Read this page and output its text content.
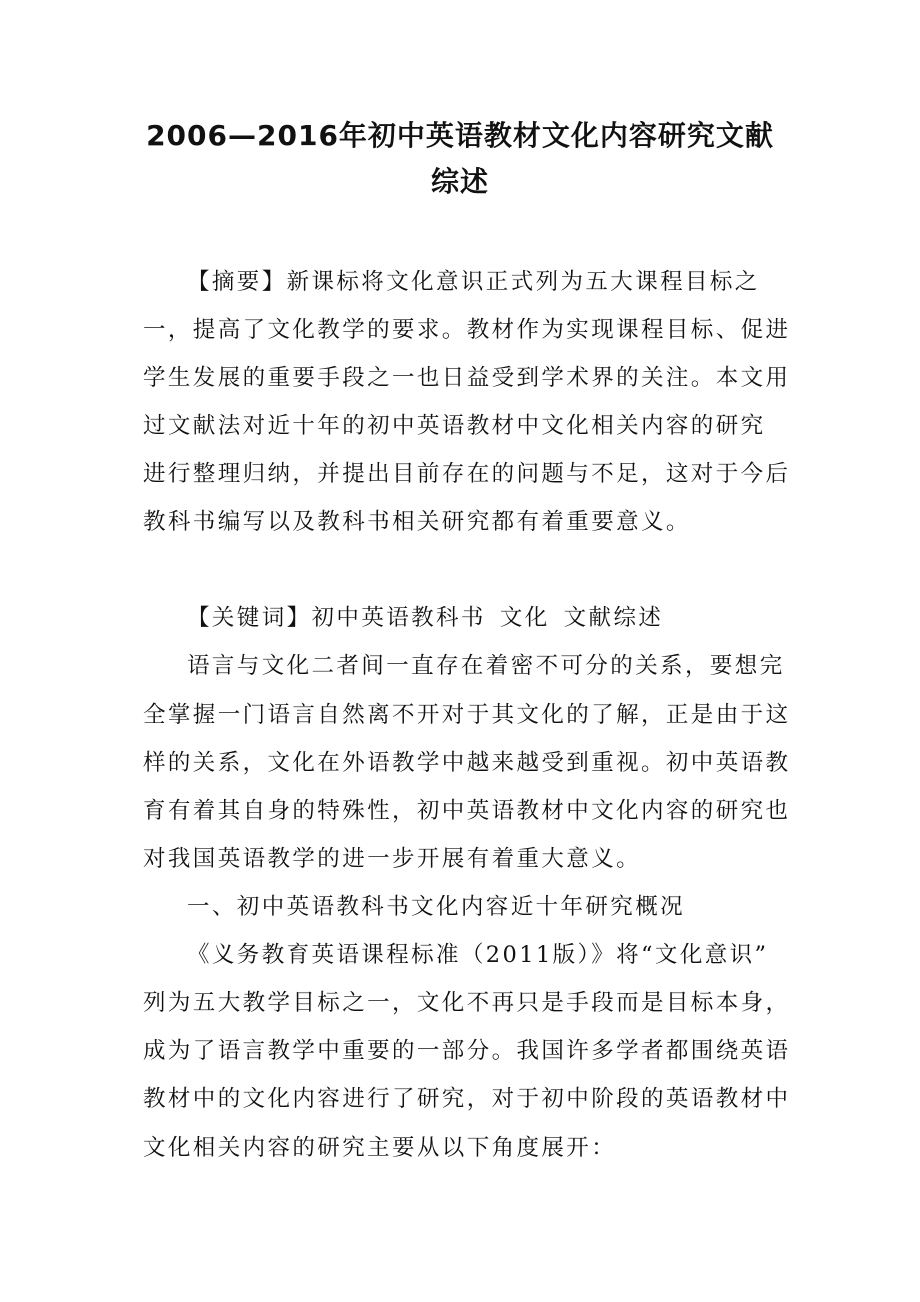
2006—2016年初中英语教材文化内容研究文献
综述

【摘要】新课标将文化意识正式列为五大课程目标之

一，提高了文化教学的要求。教材作为实现课程目标、促进

学生发展的重要手段之一也日益受到学术界的关注。本文用

过文献法对近十年的初中英语教材中文化相关内容的研究

进行整理归纳，并提出目前存在的问题与不足，这对于今后

教科书编写以及教科书相关研究都有着重要意义。

【关键词】初中英语教科书 文化 文献综述

语言与文化二者间一直存在着密不可分的关系，要想完

全掌握一门语言自然离不开对于其文化的了解，正是由于这

样的关系，文化在外语教学中越来越受到重视。初中英语教

育有着其自身的特殊性，初中英语教材中文化内容的研究也

对我国英语教学的进一步开展有着重大意义。

一、初中英语教科书文化内容近十年研究概况

《义务教育英语课程标准（2011版）》将“文化意识”

列为五大教学目标之一，文化不再只是手段而是目标本身，

成为了语言教学中重要的一部分。我国许多学者都围绕英语

教材中的文化内容进行了研究，对于初中阶段的英语教材中

文化相关内容的研究主要从以下角度展开：
